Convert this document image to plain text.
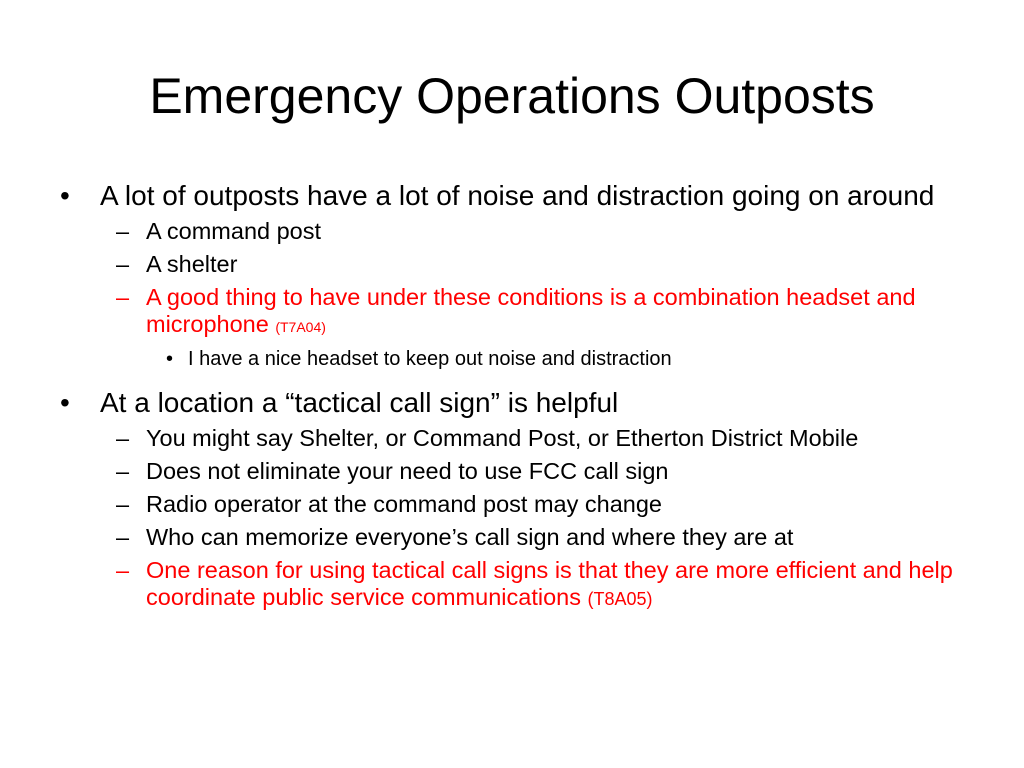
Emergency Operations Outposts
• A lot of outposts have a lot of noise and distraction going on around
– A command post
– A shelter
– A good thing to have under these conditions is a combination headset and microphone (T7A04)
• I have a nice headset to keep out noise and distraction
• At a location a “tactical call sign” is helpful
– You might say Shelter, or Command Post, or Etherton District Mobile
– Does not eliminate your need to use FCC call sign
– Radio operator at the command post may change
– Who can memorize everyone’s call sign and where they are at
– One reason for using tactical call signs is that they are more efficient and help coordinate public service communications (T8A05)
